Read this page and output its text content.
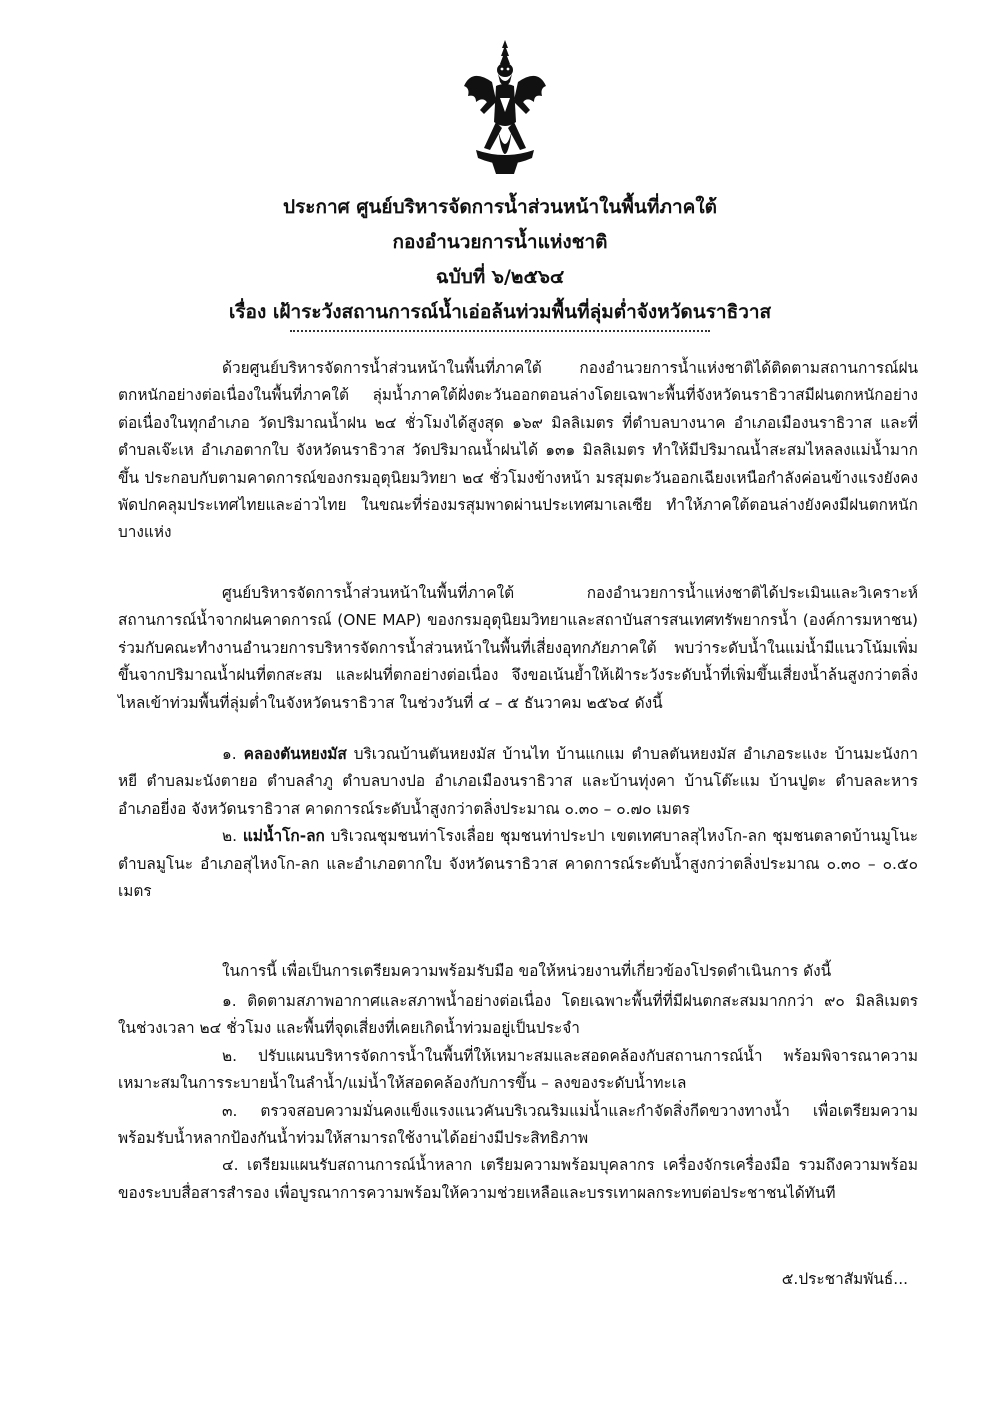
ประกาศ ศูนย์บริหารจัดการน้ำส่วนหน้าในพื้นที่ภาคใต้
กองอำนวยการน้ำแห่งชาติ
ฉบับที่ ๖/๒๕๖๔
เรื่อง เฝ้าระวังสถานการณ์น้ำเอ่อล้นท่วมพื้นที่ลุ่มต่ำจังหวัดนราธิวาส

ด้วยศูนย์บริหารจัดการน้ำส่วนหน้าในพื้นที่ภาคใต้ กองอำนวยการน้ำแห่งชาติได้ติดตามสถานการณ์ฝนตกหนักอย่างต่อเนื่องในพื้นที่ภาคใต้ ลุ่มน้ำภาคใต้ฝั่งตะวันออกตอนล่างโดยเฉพาะพื้นที่จังหวัดนราธิวาสมีฝนตกหนักอย่างต่อเนื่องในทุกอำเภอ วัดปริมาณน้ำฝน ๒๔ ชั่วโมงได้สูงสุด ๑๖๙ มิลลิเมตร ที่ตำบลบางนาค อำเภอเมืองนราธิวาส และที่ตำบลเจ๊ะเห อำเภอตากใบ จังหวัดนราธิวาส วัดปริมาณน้ำฝนได้ ๑๓๑ มิลลิเมตร ทำให้มีปริมาณน้ำสะสมไหลลงแม่น้ำมากขึ้น ประกอบกับตามคาดการณ์ของกรมอุตุนิยมวิทยา ๒๔ ชั่วโมงข้างหน้า มรสุมตะวันออกเฉียงเหนือกำลังค่อนข้างแรงยังคงพัดปกคลุมประเทศไทยและอ่าวไทย ในขณะที่ร่องมรสุมพาดผ่านประเทศมาเลเซีย ทำให้ภาคใต้ตอนล่างยังคงมีฝนตกหนักบางแห่ง

ศูนย์บริหารจัดการน้ำส่วนหน้าในพื้นที่ภาคใต้ กองอำนวยการน้ำแห่งชาติได้ประเมินและวิเคราะห์สถานการณ์น้ำจากฝนคาดการณ์ (ONE MAP) ของกรมอุตุนิยมวิทยาและสถาบันสารสนเทศทรัพยากรน้ำ (องค์การมหาชน) ร่วมกับคณะทำงานอำนวยการบริหารจัดการน้ำส่วนหน้าในพื้นที่เสี่ยงอุทกภัยภาคใต้ พบว่าระดับน้ำในแม่น้ำมีแนวโน้มเพิ่มขึ้นจากปริมาณน้ำฝนที่ตกสะสม และฝนที่ตกอย่างต่อเนื่อง จึงขอเน้นย้ำให้เฝ้าระวังระดับน้ำที่เพิ่มขึ้นเสี่ยงน้ำล้นสูงกว่าตลิ่งไหลเข้าท่วมพื้นที่ลุ่มต่ำในจังหวัดนราธิวาส ในช่วงวันที่ ๔ – ๕ ธันวาคม ๒๕๖๔ ดังนี้

๑. คลองตันหยงมัส บริเวณบ้านตันหยงมัส บ้านไท บ้านแกแม ตำบลตันหยงมัส อำเภอระแงะ บ้านมะนังกาหยี ตำบลมะนังตายอ ตำบลลำภู ตำบลบางปอ อำเภอเมืองนราธิวาส และบ้านทุ่งคา บ้านโต๊ะแม บ้านปูตะ ตำบลละหาร อำเภอยี่งอ จังหวัดนราธิวาส คาดการณ์ระดับน้ำสูงกว่าตลิ่งประมาณ ๐.๓๐ – ๐.๗๐ เมตร

๒. แม่น้ำโก-ลก บริเวณชุมชนท่าโรงเลื่อย ชุมชนท่าประปา เขตเทศบาลสุไหงโก-ลก ชุมชนตลาดบ้านมูโนะ ตำบลมูโนะ อำเภอสุไหงโก-ลก และอำเภอตากใบ จังหวัดนราธิวาส คาดการณ์ระดับน้ำสูงกว่าตลิ่งประมาณ ๐.๓๐ – ๐.๕๐ เมตร

ในการนี้ เพื่อเป็นการเตรียมความพร้อมรับมือ ขอให้หน่วยงานที่เกี่ยวข้องโปรดดำเนินการ ดังนี้

๑. ติดตามสภาพอากาศและสภาพน้ำอย่างต่อเนื่อง โดยเฉพาะพื้นที่ที่มีฝนตกสะสมมากกว่า ๙๐ มิลลิเมตร ในช่วงเวลา ๒๔ ชั่วโมง และพื้นที่จุดเสี่ยงที่เคยเกิดน้ำท่วมอยู่เป็นประจำ

๒. ปรับแผนบริหารจัดการน้ำในพื้นที่ให้เหมาะสมและสอดคล้องกับสถานการณ์น้ำ พร้อมพิจารณาความเหมาะสมในการระบายน้ำในลำน้ำ/แม่น้ำให้สอดคล้องกับการขึ้น – ลงของระดับน้ำทะเล

๓. ตรวจสอบความมั่นคงแข็งแรงแนวคันบริเวณริมแม่น้ำและกำจัดสิ่งกีดขวางทางน้ำ เพื่อเตรียมความพร้อมรับน้ำหลากป้องกันน้ำท่วมให้สามารถใช้งานได้อย่างมีประสิทธิภาพ

๔. เตรียมแผนรับสถานการณ์น้ำหลาก เตรียมความพร้อมบุคลากร เครื่องจักรเครื่องมือ รวมถึงความพร้อมของระบบสื่อสารสำรอง เพื่อบูรณาการความพร้อมให้ความช่วยเหลือและบรรเทาผลกระทบต่อประชาชนได้ทันที

๕.ประชาสัมพันธ์...
